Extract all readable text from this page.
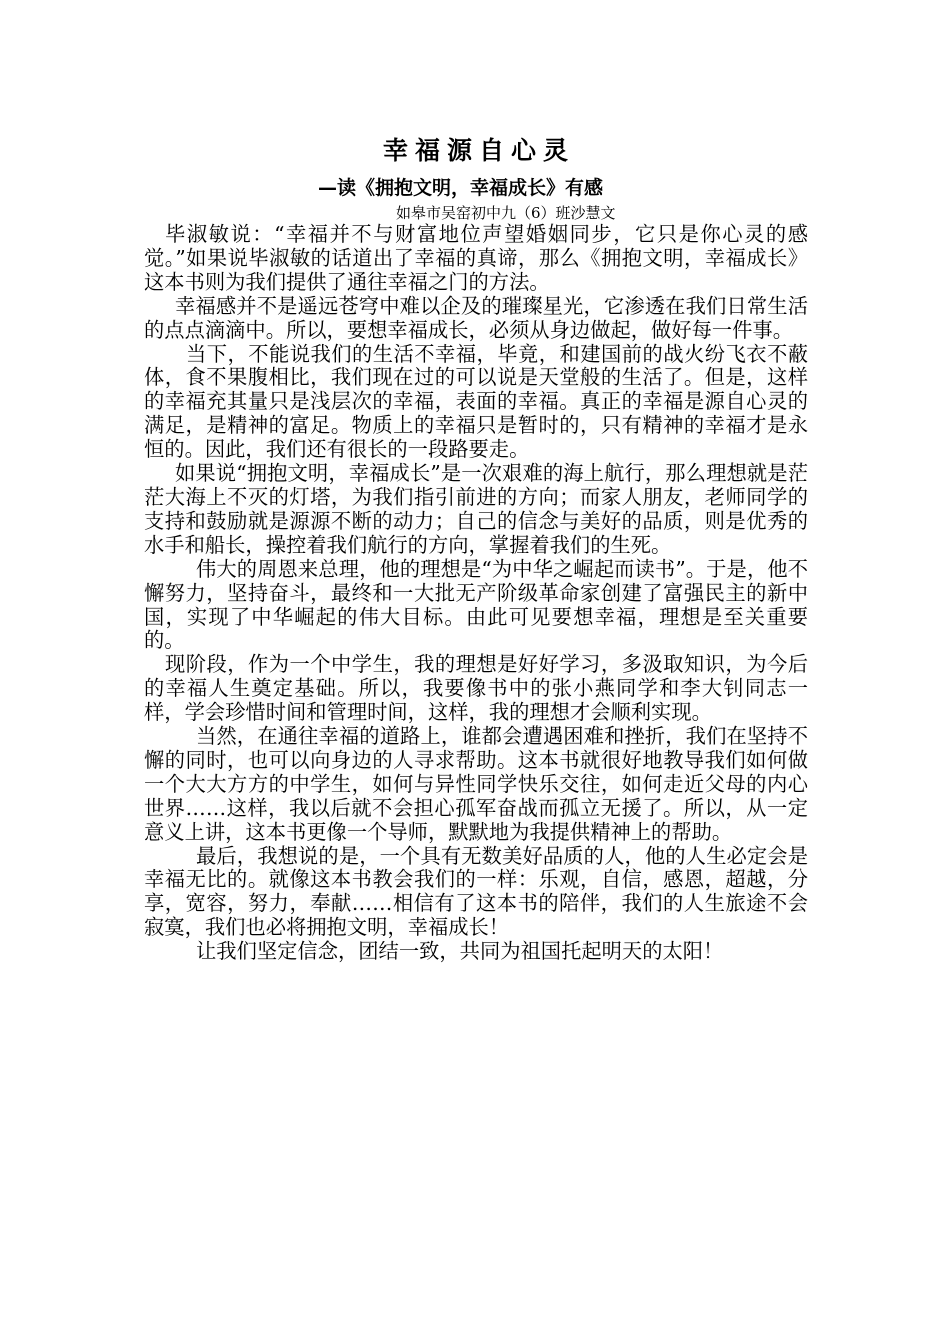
幸福源自心灵
—读《拥抱文明，幸福成长》有感
如皋市吴窑初中九（6）班沙慧文

毕淑敏说：“幸福并不与财富地位声望婚姻同步，它只是你心灵的感觉。”如果说毕淑敏的话道出了幸福的真谛，那么《拥抱文明，幸福成长》这本书则为我们提供了通往幸福之门的方法。

幸福感并不是遥远苍穹中难以企及的璀璨星光，它渗透在我们日常生活的点点滴滴中。所以，要想幸福成长，必须从身边做起，做好每一件事。

当下，不能说我们的生活不幸福，毕竟，和建国前的战火纷飞衣不蔽体，食不果腹相比，我们现在过的可以说是天堂般的生活了。但是，这样的幸福充其量只是浅层次的幸福，表面的幸福。真正的幸福是源自心灵的满足，是精神的富足。物质上的幸福只是暂时的，只有精神的幸福才是永恒的。因此，我们还有很长的一段路要走。

如果说“拥抱文明，幸福成长”是一次艰难的海上航行，那么理想就是茫茫大海上不灭的灯塔，为我们指引前进的方向；而家人朋友，老师同学的支持和鼓励就是源源不断的动力；自己的信念与美好的品质，则是优秀的水手和船长，操控着我们航行的方向，掌握着我们的生死。

伟大的周恩来总理，他的理想是“为中华之崛起而读书”。于是，他不懈努力，坚持奋斗，最终和一大批无产阶级革命家创建了富强民主的新中国，实现了中华崛起的伟大目标。由此可见要想幸福，理想是至关重要的。

现阶段，作为一个中学生，我的理想是好好学习，多汲取知识，为今后的幸福人生奠定基础。所以，我要像书中的张小燕同学和李大钊同志一样，学会珍惜时间和管理时间，这样，我的理想才会顺利实现。

当然，在通往幸福的道路上，谁都会遭遇困难和挫折，我们在坚持不懈的同时，也可以向身边的人寻求帮助。这本书就很好地教导我们如何做一个大大方方的中学生，如何与异性同学快乐交往，如何走近父母的内心世界……这样，我以后就不会担心孤军奋战而孤立无援了。所以，从一定意义上讲，这本书更像一个导师，默默地为我提供精神上的帮助。

最后，我想说的是，一个具有无数美好品质的人，他的人生必定会是幸福无比的。就像这本书教会我们的一样：乐观，自信，感恩，超越，分享，宽容，努力，奉献……相信有了这本书的陪伴，我们的人生旅途不会寂寞，我们也必将拥抱文明，幸福成长！

让我们坚定信念，团结一致，共同为祖国托起明天的太阳！
